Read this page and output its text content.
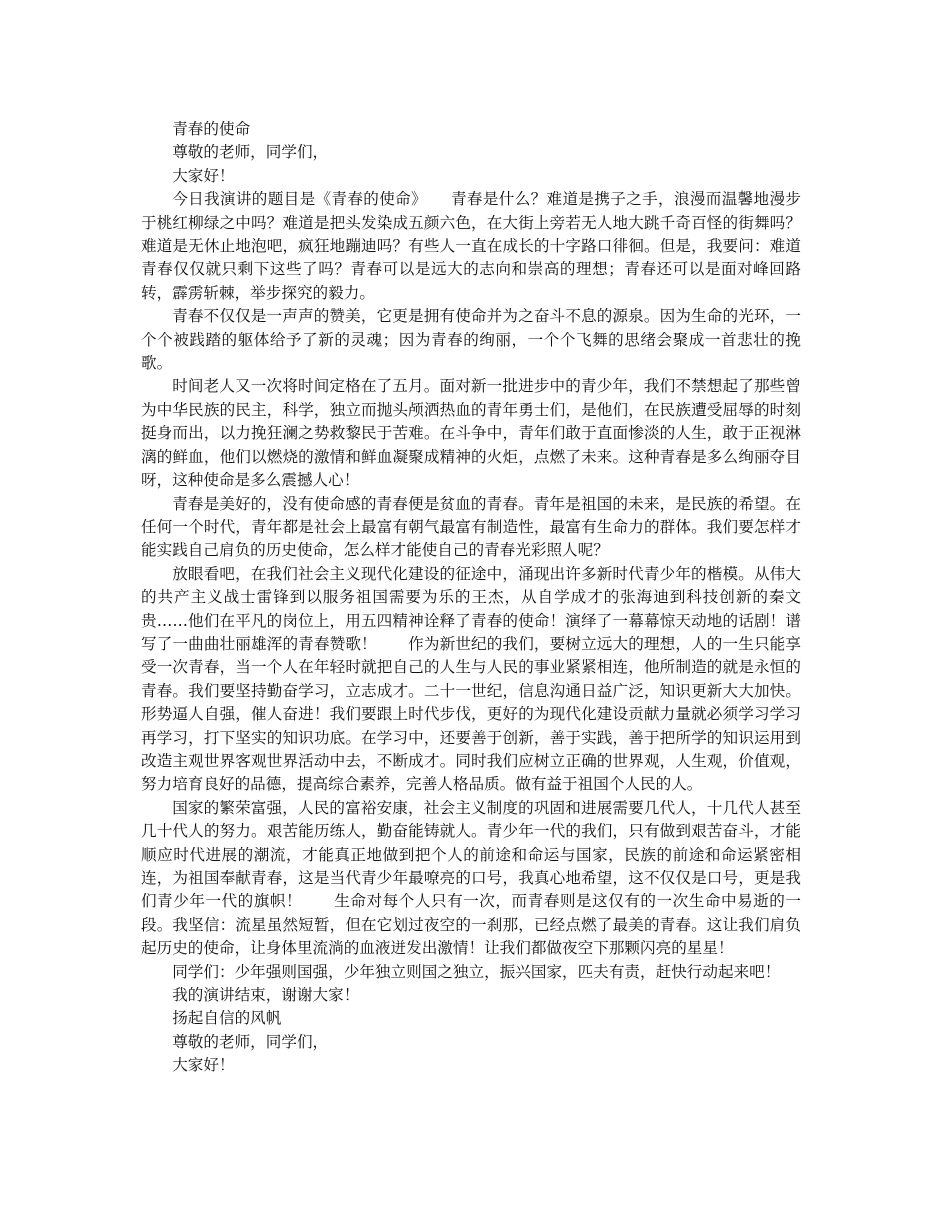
青春的使命

尊敬的老师，同学们，

大家好！

今日我演讲的题目是《青春的使命》　　青春是什么？难道是携子之手，浪漫而温馨地漫步于桃红柳绿之中吗？难道是把头发染成五颜六色，在大街上旁若无人地大跳千奇百怪的街舞吗？难道是无休止地泡吧，疯狂地蹦迪吗？有些人一直在成长的十字路口徘徊。但是，我要问：难道青春仅仅就只剩下这些了吗？青春可以是远大的志向和崇高的理想；青春还可以是面对峰回路转，霹雳斩棘，举步探究的毅力。

青春不仅仅是一声声的赞美，它更是拥有使命并为之奋斗不息的源泉。因为生命的光环，一个个被践踏的躯体给予了新的灵魂；因为青春的绚丽，一个个飞舞的思绪会聚成一首悲壮的挽歌。

时间老人又一次将时间定格在了五月。面对新一批进步中的青少年，我们不禁想起了那些曾为中华民族的民主，科学，独立而抛头颅洒热血的青年勇士们，是他们，在民族遭受屈辱的时刻挺身而出，以力挽狂澜之势救黎民于苦难。在斗争中，青年们敢于直面惨淡的人生，敢于正视淋漓的鲜血，他们以燃烧的激情和鲜血凝聚成精神的火炬，点燃了未来。这种青春是多么绚丽夺目呀，这种使命是多么震撼人心！

青春是美好的，没有使命感的青春便是贫血的青春。青年是祖国的未来，是民族的希望。在任何一个时代，青年都是社会上最富有朝气最富有制造性，最富有生命力的群体。我们要怎样才能实践自己肩负的历史使命，怎么样才能使自己的青春光彩照人呢？

放眼看吧，在我们社会主义现代化建设的征途中，涌现出许多新时代青少年的楷模。从伟大的共产主义战士雷锋到以服务祖国需要为乐的王杰，从自学成才的张海迪到科技创新的秦文贵……他们在平凡的岗位上，用五四精神诠释了青春的使命！演绎了一幕幕惊天动地的话剧！谱写了一曲曲壮丽雄浑的青春赞歌！　　作为新世纪的我们，要树立远大的理想，人的一生只能享受一次青春，当一个人在年轻时就把自己的人生与人民的事业紧紧相连，他所制造的就是永恒的青春。我们要坚持勤奋学习，立志成才。二十一世纪，信息沟通日益广泛，知识更新大大加快。形势逼人自强，催人奋进！我们要跟上时代步伐，更好的为现代化建设贡献力量就必须学习学习再学习，打下坚实的知识功底。在学习中，还要善于创新，善于实践，善于把所学的知识运用到改造主观世界客观世界活动中去，不断成才。同时我们应树立正确的世界观，人生观，价值观，努力培育良好的品德，提高综合素养，完善人格品质。做有益于祖国个人民的人。

国家的繁荣富强，人民的富裕安康，社会主义制度的巩固和进展需要几代人，十几代人甚至几十代人的努力。艰苦能历练人，勤奋能铸就人。青少年一代的我们，只有做到艰苦奋斗，才能顺应时代进展的潮流，才能真正地做到把个人的前途和命运与国家，民族的前途和命运紧密相连，为祖国奉献青春，这是当代青少年最嘹亮的口号，我真心地希望，这不仅仅是口号，更是我们青少年一代的旗帜！　　生命对每个人只有一次，而青春则是这仅有的一次生命中易逝的一段。我坚信：流星虽然短暂，但在它划过夜空的一刹那，已经点燃了最美的青春。这让我们肩负起历史的使命，让身体里流淌的血液迸发出激情！让我们都做夜空下那颗闪亮的星星！

同学们：少年强则国强，少年独立则国之独立，振兴国家，匹夫有责，赶快行动起来吧！

我的演讲结束，谢谢大家！

扬起自信的风帆

尊敬的老师，同学们，

大家好！
